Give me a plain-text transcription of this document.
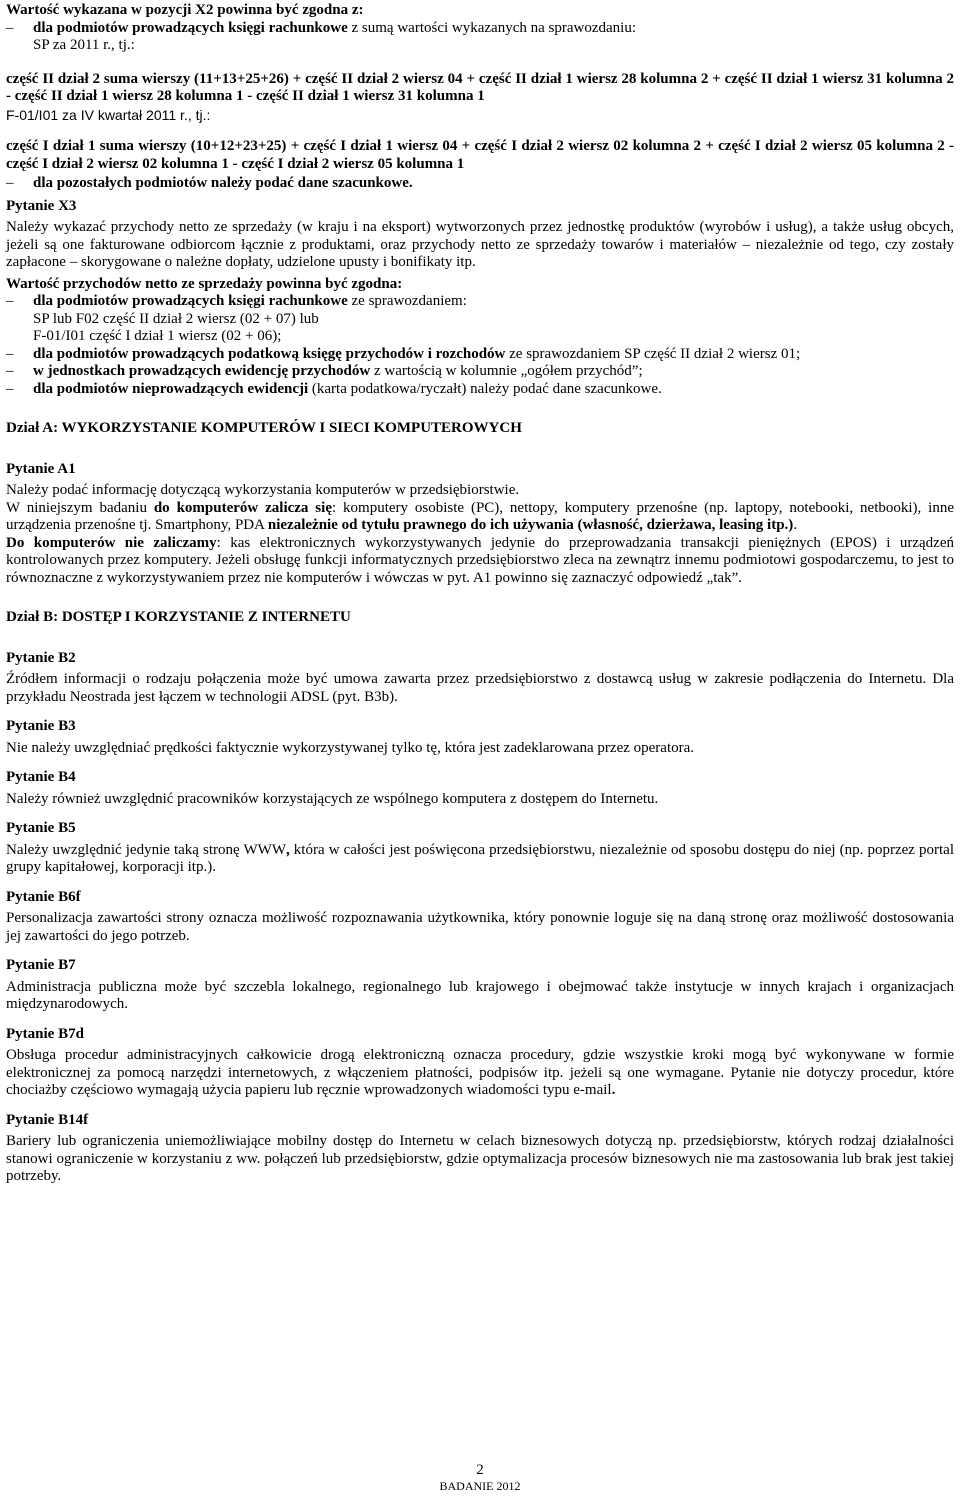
Wartość wykazana w pozycji X2 powinna być zgodna z:

–	dla podmiotów prowadzących księgi rachunkowe z sumą wartości wykazanych na sprawozdaniu:

SP za 2011 r., tj.:

część II dział 2 suma wierszy (11+13+25+26) + część II dział 2 wiersz 04 + część II dział 1 wiersz 28 kolumna 2 + część II dział 1 wiersz 31 kolumna 2 - część II dział 1 wiersz 28 kolumna 1 - część II dział 1 wiersz 31 kolumna 1

F-01/I01 za IV kwartał 2011 r., tj.:

część I dział 1 suma wierszy (10+12+23+25) + część I dział 1 wiersz 04 + część I dział 2 wiersz 02 kolumna 2 + część I dział 2 wiersz 05 kolumna 2 - część I dział 2 wiersz 02 kolumna 1 - część I dział 2 wiersz 05 kolumna 1

–	dla pozostałych podmiotów należy podać dane szacunkowe.

Pytanie X3

Należy wykazać przychody netto ze sprzedaży (w kraju i na eksport) wytworzonych przez jednostkę produktów (wyrobów i usług), a także usług obcych, jeżeli są one fakturowane odbiorcom łącznie z produktami, oraz przychody netto ze sprzedaży towarów i materiałów – niezależnie od tego, czy zostały zapłacone – skorygowane o należne dopłaty, udzielone upusty i bonifikaty itp.

Wartość przychodów netto ze sprzedaży powinna być zgodna:

–	dla podmiotów prowadzących księgi rachunkowe ze sprawozdaniem:

SP lub F02 część II dział 2 wiersz (02 + 07) lub

F-01/I01 część I dział 1 wiersz (02 + 06);

–	dla podmiotów prowadzących podatkową księgę przychodów i rozchodów ze sprawozdaniem SP część II dział 2 wiersz 01;
–	w jednostkach prowadzących ewidencję przychodów z wartością w kolumnie „ogółem przychód”;
–	dla podmiotów nieprowadzących ewidencji (karta podatkowa/ryczałt) należy podać dane szacunkowe.

Dział A: WYKORZYSTANIE KOMPUTERÓW I SIECI KOMPUTEROWYCH

Pytanie A1

Należy podać informację dotyczącą wykorzystania komputerów w przedsiębiorstwie.

W niniejszym badaniu do komputerów zalicza się: komputery osobiste (PC), nettopy, komputery przenośne (np. laptopy, notebooki, netbooki), inne urządzenia przenośne tj. Smartphony, PDA niezależnie od tytułu prawnego do ich używania (własność, dzierżawa, leasing itp.).

Do komputerów nie zaliczamy: kas elektronicznych wykorzystywanych jedynie do przeprowadzania transakcji pieniężnych (EPOS) i urządzeń kontrolowanych przez komputery. Jeżeli obsługę funkcji informatycznych przedsiębiorstwo zleca na zewnątrz innemu podmiotowi gospodarczemu, to jest to równoznaczne z wykorzystywaniem przez nie komputerów i wówczas w pyt. A1 powinno się zaznaczyć odpowiedź „tak”.

Dział B: DOSTĘP I KORZYSTANIE Z INTERNETU

Pytanie B2

Źródłem informacji o rodzaju połączenia może być umowa zawarta przez przedsiębiorstwo z dostawcą usług w zakresie podłączenia do Internetu. Dla przykładu Neostrada jest łączem w technologii ADSL (pyt. B3b).

Pytanie B3

Nie należy uwzględniać prędkości faktycznie wykorzystywanej tylko tę, która jest zadeklarowana przez operatora.

Pytanie B4

Należy również uwzględnić pracowników korzystających ze wspólnego komputera z dostępem do Internetu.

Pytanie B5

Należy uwzględnić jedynie taką stronę WWW, która w całości jest poświęcona przedsiębiorstwu, niezależnie od sposobu dostępu do niej (np. poprzez portal grupy kapitałowej, korporacji itp.).

Pytanie B6f

Personalizacja zawartości strony oznacza możliwość rozpoznawania użytkownika, który ponownie loguje się na daną stronę oraz możliwość dostosowania jej zawartości do jego potrzeb.

Pytanie B7

Administracja publiczna może być szczebla lokalnego, regionalnego lub krajowego i obejmować także instytucje w innych krajach i organizacjach międzynarodowych.

Pytanie B7d

Obsługa procedur administracyjnych całkowicie drogą elektroniczną oznacza procedury, gdzie wszystkie kroki mogą być wykonywane w formie elektronicznej za pomocą narzędzi internetowych, z włączeniem płatności, podpisów itp. jeżeli są one wymagane. Pytanie nie dotyczy procedur, które chociażby częściowo wymagają użycia papieru lub ręcznie wprowadzonych wiadomości typu e-mail.

Pytanie B14f

Bariery lub ograniczenia uniemożliwiające mobilny dostęp do Internetu w celach biznesowych dotyczą np. przedsiębiorstw, których rodzaj działalności stanowi ograniczenie w korzystaniu z ww. połączeń lub przedsiębiorstw, gdzie optymalizacja procesów biznesowych nie ma zastosowania lub brak jest takiej potrzeby.

2
BADANIE 2012
